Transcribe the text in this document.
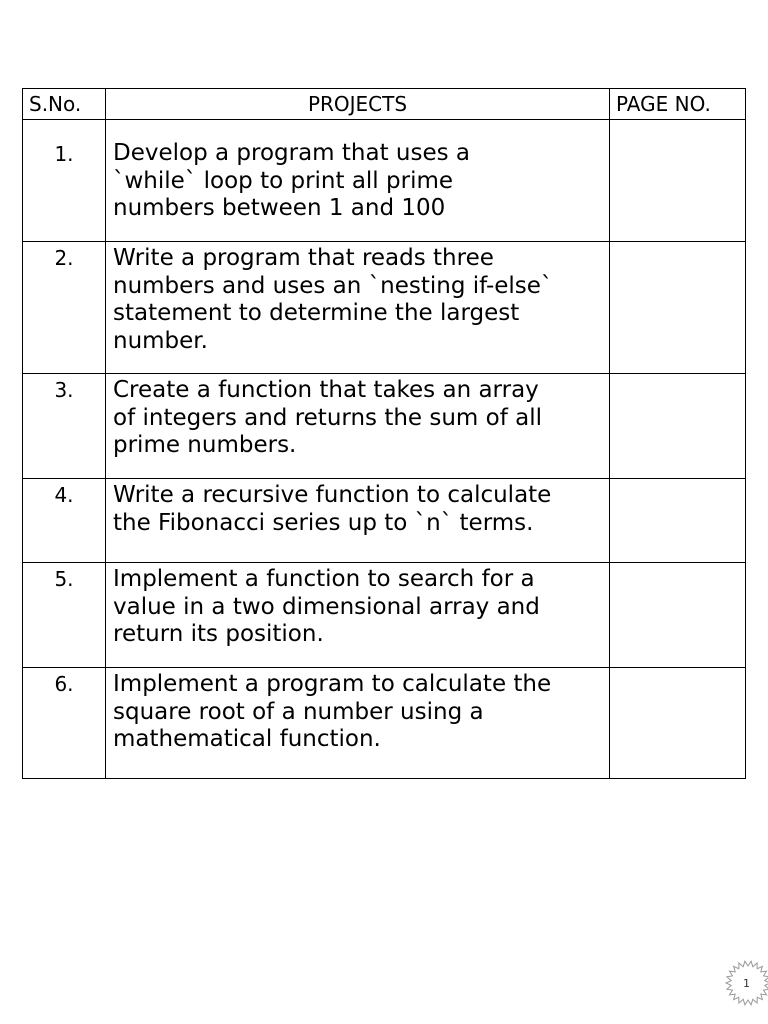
S.No.	PROJECTS	PAGE NO.
1.	Develop a program that uses a
`while` loop to print all prime
numbers between 1 and 100	
2.	Write a program that reads three
numbers and uses an `nesting if-else`
statement to determine the largest
number.	
3.	Create a function that takes an array
of integers and returns the sum of all
prime numbers.	
4.	Write a recursive function to calculate
the Fibonacci series up to `n` terms.	
5.	Implement a function to search for a
value in a two dimensional array and
return its position.	
6.	Implement a program to calculate the
square root of a number using a
mathematical function.	
1
